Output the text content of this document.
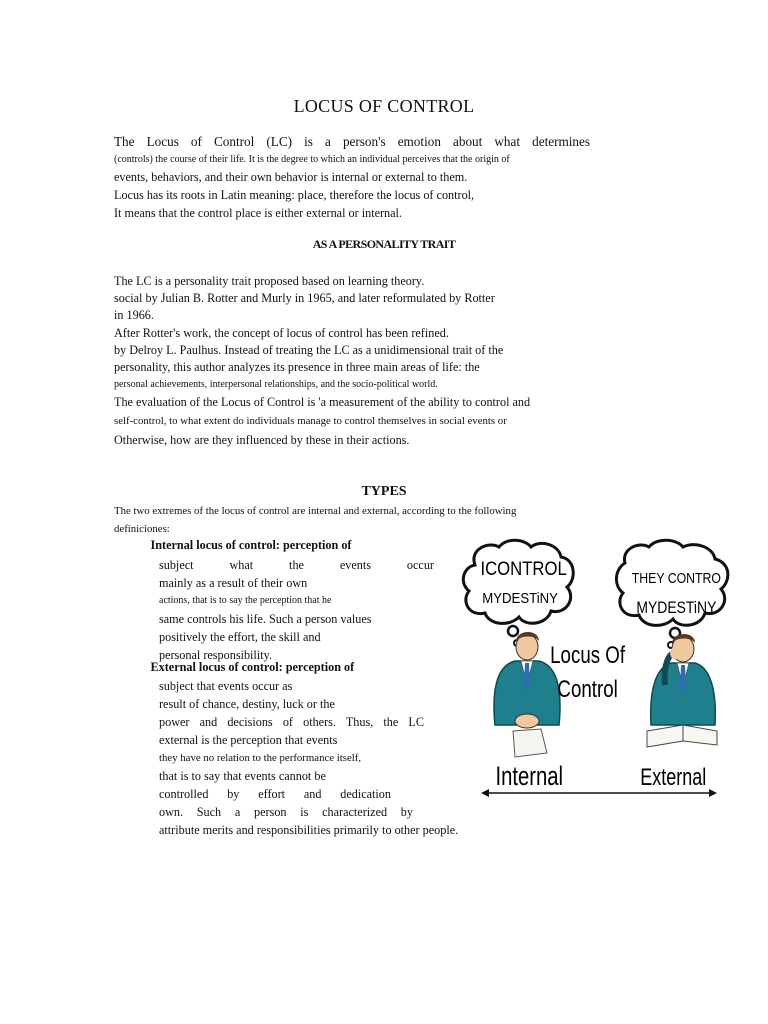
LOCUS OF CONTROL
The Locus of Control (LC) is a person's emotion about what determines
(controls) the course of their life. It is the degree to which an individual perceives that the origin of
events, behaviors, and their own behavior is internal or external to them.
Locus has its roots in Latin meaning: place, therefore the locus of control,
It means that the control place is either external or internal.
AS A PERSONALITY TRAIT
The LC is a personality trait proposed based on learning theory.
social by Julian B. Rotter and Murly in 1965, and later reformulated by Rotter
in 1966.
After Rotter's work, the concept of locus of control has been refined.
by Delroy L. Paulhus. Instead of treating the LC as a unidimensional trait of the
personality, this author analyzes its presence in three main areas of life: the
personal achievements, interpersonal relationships, and the socio-political world.
The evaluation of the Locus of Control is 'a measurement of the ability to control and
self-control, to what extent do individuals manage to control themselves in social events or
Otherwise, how are they influenced by these in their actions.
TYPES
The two extremes of the locus of control are internal and external, according to the following
definiciones:
Internal locus of control: perception of
subject what the events occur
mainly as a result of their own
actions, that is to say the perception that he
same controls his life. Such a person values
positively the effort, the skill and
personal responsibility.
External locus of control: perception of
subject that events occur as
result of chance, destiny, luck or the
power and decisions of others. Thus, the LC
external is the perception that events
they have no relation to the performance itself,
that is to say that events cannot be
controlled by effort and dedication
own. Such a person is characterized by
attribute merits and responsibilities primarily to other people.
ICONTROL
MYDESTiNY
THEY CONTRO
MYDESTiNY
Locus Of
Control
Internal	External
